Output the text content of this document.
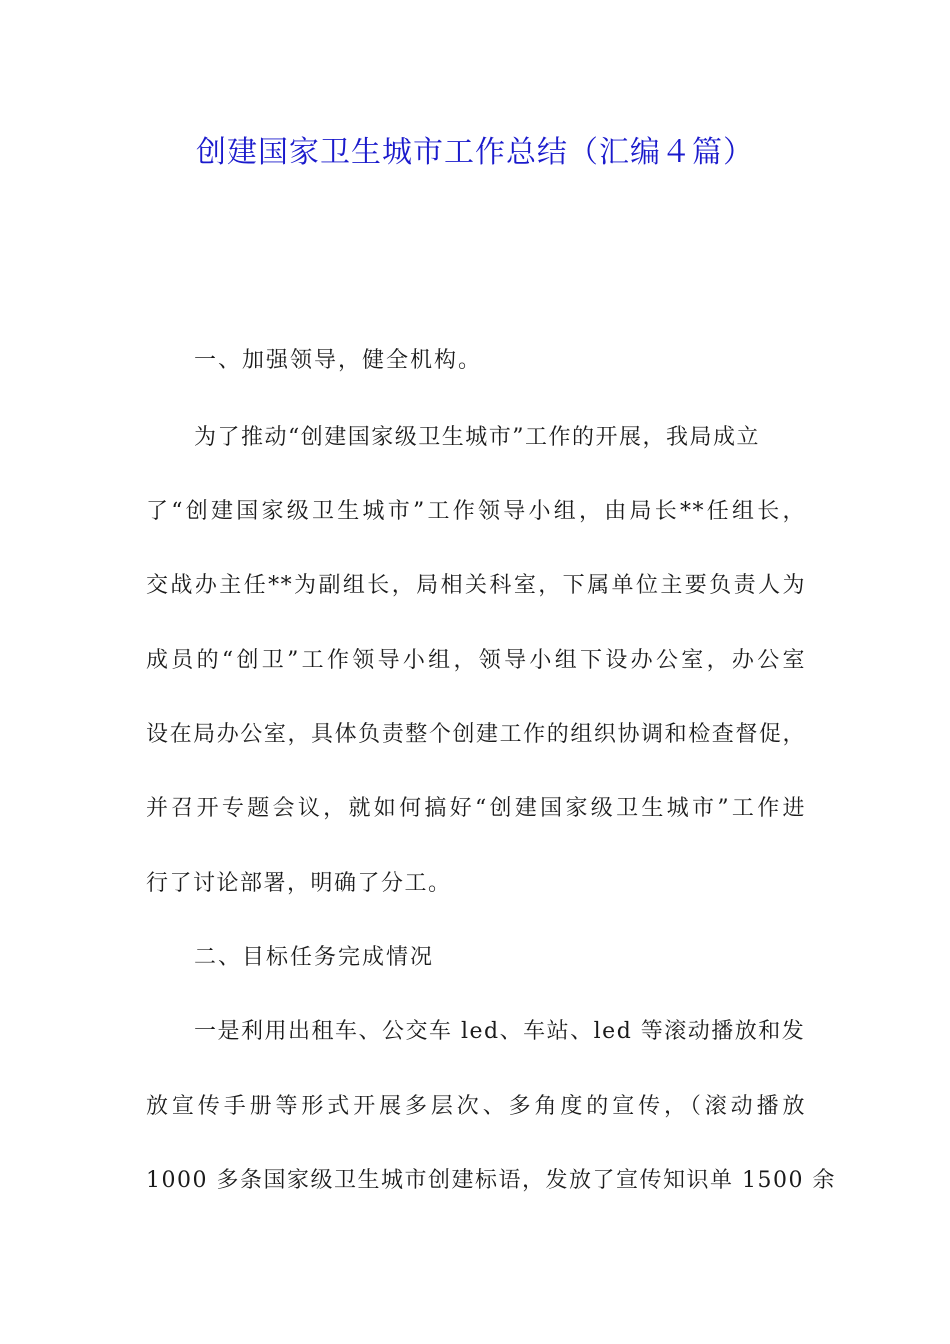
创建国家卫生城市工作总结（汇编４篇）
一、加强领导，健全机构。
为了推动“创建国家级卫生城市”工作的开展，我局成立
了“创建国家级卫生城市”工作领导小组，由局长**任组长，
交战办主任**为副组长，局相关科室，下属单位主要负责人为
成员的“创卫”工作领导小组，领导小组下设办公室，办公室
设在局办公室，具体负责整个创建工作的组织协调和检查督促，
并召开专题会议，就如何搞好“创建国家级卫生城市”工作进
行了讨论部署，明确了分工。
二、目标任务完成情况
一是利用出租车、公交车 led、车站、led 等滚动播放和发
放宣传手册等形式开展多层次、多角度的宣传，（滚动播放
1000 多条国家级卫生城市创建标语，发放了宣传知识单 1500 余
